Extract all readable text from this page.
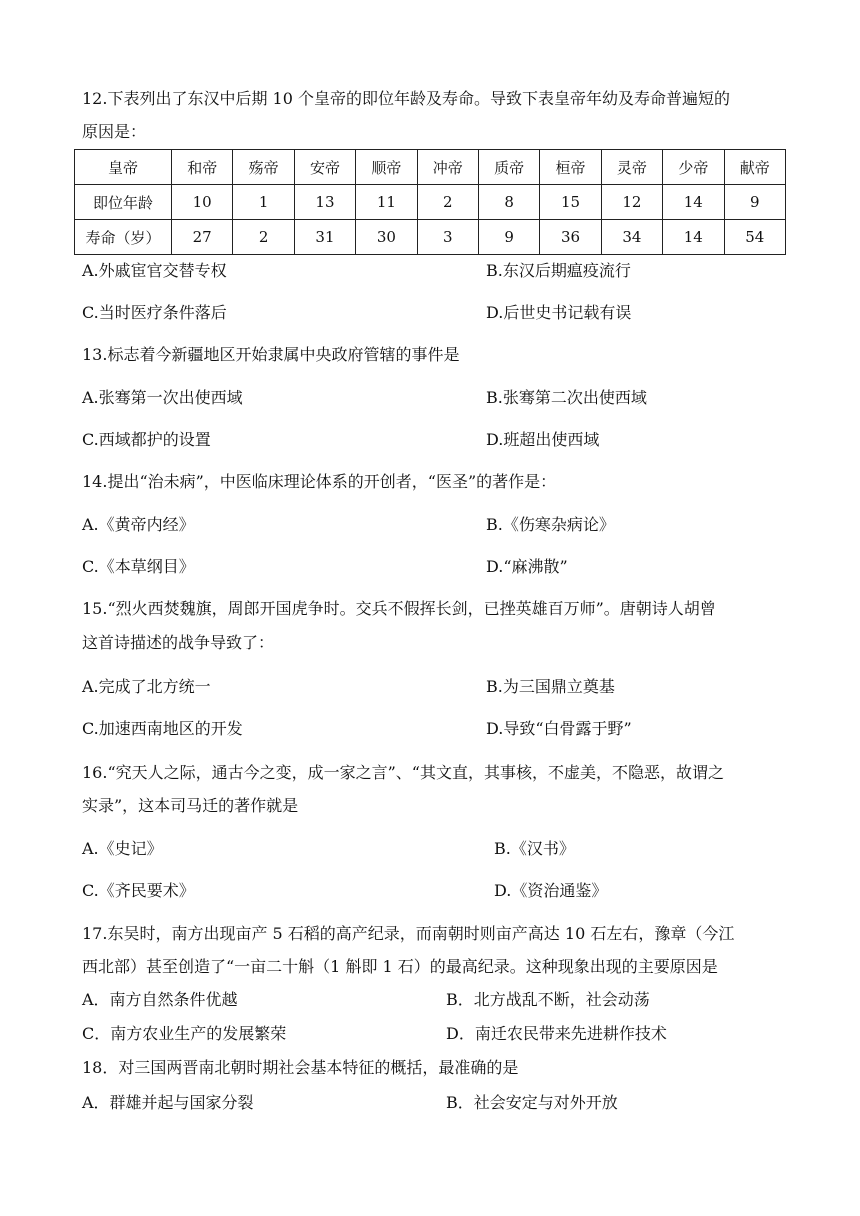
12.下表列出了东汉中后期 10 个皇帝的即位年龄及寿命。导致下表皇帝年幼及寿命普遍短的
原因是：
皇帝	和帝	殇帝	安帝	顺帝	冲帝	质帝	桓帝	灵帝	少帝	献帝
即位年龄	10	1	13	11	2	8	15	12	14	9
寿命（岁）	27	2	31	30	3	9	36	34	14	54
A.外戚宦官交替专权	B.东汉后期瘟疫流行
C.当时医疗条件落后	D.后世史书记载有误
13.标志着今新疆地区开始隶属中央政府管辖的事件是
A.张骞第一次出使西域	B.张骞第二次出使西域
C.西域都护的设置	D.班超出使西域
14.提出“治未病”，中医临床理论体系的开创者，“医圣”的著作是：
A.《黄帝内经》	B.《伤寒杂病论》
C.《本草纲目》	D.“麻沸散”
15.“烈火西焚魏旗，周郎开国虎争时。交兵不假挥长剑，已挫英雄百万师”。唐朝诗人胡曾
这首诗描述的战争导致了：
A.完成了北方统一	B.为三国鼎立奠基
C.加速西南地区的开发	D.导致“白骨露于野”
16.“究天人之际，通古今之变，成一家之言”、“其文直，其事核，不虚美，不隐恶，故谓之
实录”，这本司马迁的著作就是
A.《史记》	B.《汉书》
C.《齐民要术》	D.《资治通鉴》
17.东吴时，南方出现亩产 5 石稻的高产纪录，而南朝时则亩产高达 10 石左右，豫章（今江
西北部）甚至创造了“一亩二十斛（1 斛即 1 石）的最高纪录。这种现象出现的主要原因是
A．南方自然条件优越	B．北方战乱不断，社会动荡
C．南方农业生产的发展繁荣	D．南迁农民带来先进耕作技术
18．对三国两晋南北朝时期社会基本特征的概括，最准确的是
A．群雄并起与国家分裂	B．社会安定与对外开放
